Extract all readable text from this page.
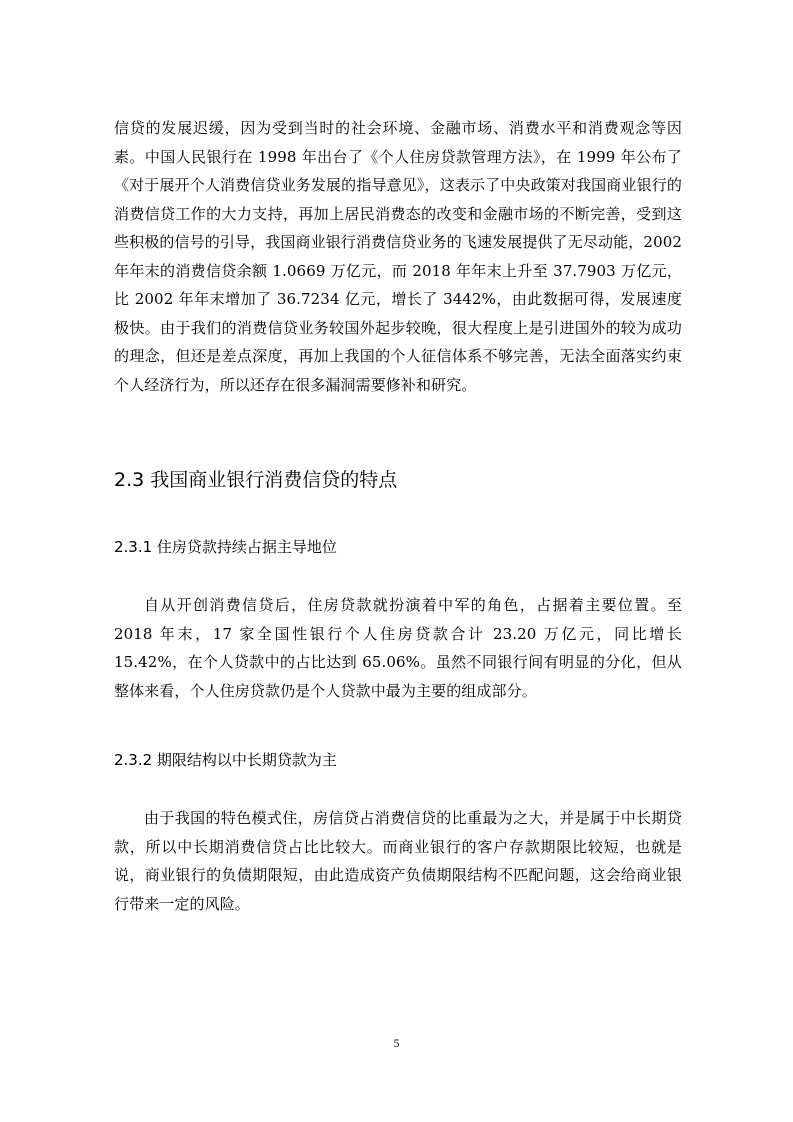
信贷的发展迟缓，因为受到当时的社会环境、金融市场、消费水平和消费观念等因素。中国人民银行在 1998 年出台了《个人住房贷款管理方法》，在 1999 年公布了《对于展开个人消费信贷业务发展的指导意见》，这表示了中央政策对我国商业银行的消费信贷工作的大力支持，再加上居民消费态的改变和金融市场的不断完善，受到这些积极的信号的引导，我国商业银行消费信贷业务的飞速发展提供了无尽动能，2002 年年末的消费信贷余额 1.0669 万亿元，而 2018 年年末上升至 37.7903 万亿元，比 2002 年年末增加了 36.7234 亿元，增长了 3442%，由此数据可得，发展速度极快。由于我们的消费信贷业务较国外起步较晚，很大程度上是引进国外的较为成功的理念，但还是差点深度，再加上我国的个人征信体系不够完善，无法全面落实约束个人经济行为，所以还存在很多漏洞需要修补和研究。

2.3 我国商业银行消费信贷的特点
2.3.1 住房贷款持续占据主导地位

自从开创消费信贷后，住房贷款就扮演着中军的角色，占据着主要位置。至 2018 年末，17 家全国性银行个人住房贷款合计 23.20 万亿元，同比增长 15.42%，在个人贷款中的占比达到 65.06%。虽然不同银行间有明显的分化，但从整体来看，个人住房贷款仍是个人贷款中最为主要的组成部分。

2.3.2 期限结构以中长期贷款为主

由于我国的特色模式住，房信贷占消费信贷的比重最为之大，并是属于中长期贷款，所以中长期消费信贷占比比较大。而商业银行的客户存款期限比较短，也就是说，商业银行的负债期限短，由此造成资产负债期限结构不匹配问题，这会给商业银行带来一定的风险。

5
